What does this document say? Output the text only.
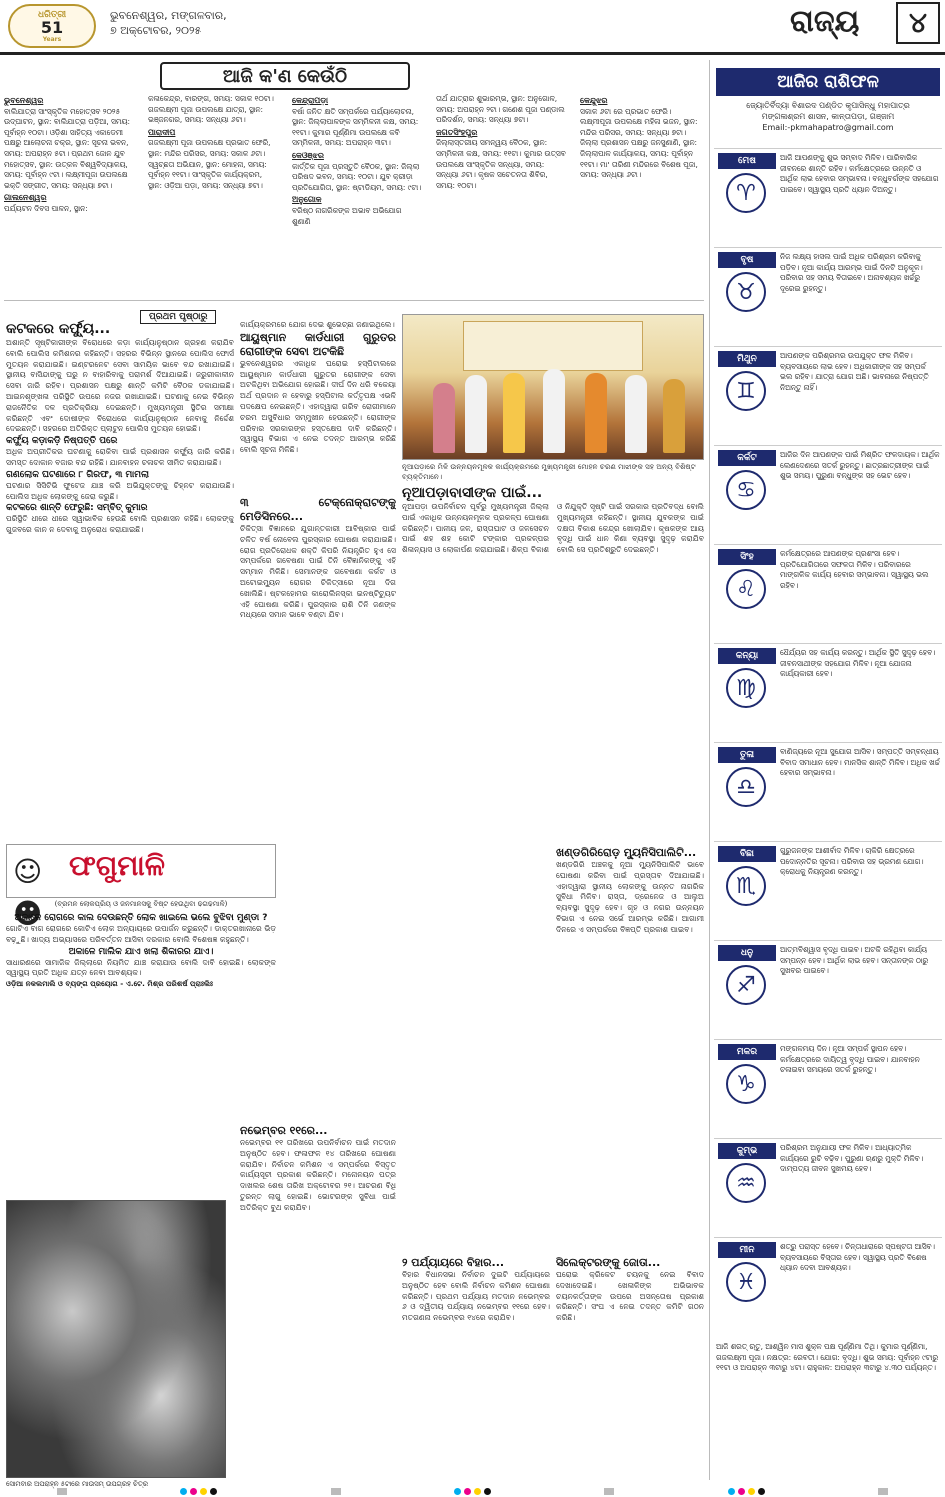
ଧରିତ୍ରୀ
51
Years
ଭୁବନେଶ୍ୱର, ମଙ୍ଗଳବାର,
୭ ଅକ୍ଟୋବର, ୨୦୨୫	ରାଜ୍ୟ	୪
ଆଜି କ'ଣ କେଉଁଠି
ଭୁବନେଶ୍ୱର

ବାଲିଯାତ୍ରା ସାଂସ୍କୃତିକ ମହୋତ୍ସବ ୨୦୨୫ ଉଦ୍‌ଘାଟନ, ସ୍ଥାନ: ବାଲିଯାତ୍ରା ପଡ଼ିଆ, ସମୟ: ପୂର୍ବାହ୍ନ ୧୦ଟା। ଓଡ଼ିଶା ସାହିତ୍ୟ ଏକାଡେମୀ ପକ୍ଷରୁ ଆଲୋଚନା ଚକ୍ର, ସ୍ଥାନ: ସୂଚନା ଭବନ, ସମୟ: ଅପରାହ୍ନ ୫ଟା। ପ୍ରଥମ ଜୋନ ଯୁବ ମହୋତ୍ସବ, ସ୍ଥାନ: ଉତ୍କଳ ବିଶ୍ୱବିଦ୍ୟାଳୟ, ସମୟ: ପୂର୍ବାହ୍ନ ୯ଟା। ଲକ୍ଷ୍ମୀପୂଜା ଉପଲକ୍ଷେ ଭକ୍ତି ସଙ୍ଗୀତ, ସମୟ: ସନ୍ଧ୍ୟା ୭ଟା।

ଗାଲନେଶ୍ୱର

ପର୍ଯ୍ୟଟନ ଦିବସ ପାଳନ, ସ୍ଥାନ:

କଳାକେନ୍ଦ୍ର, ବାରଙ୍ଗ, ସମୟ: ସକାଳ ୧୦ଟା। ଗଜଲକ୍ଷ୍ମୀ ପୂଜା ଉପଲକ୍ଷେ ଯାତ୍ରା, ସ୍ଥାନ: ଭଞ୍ଜନଗର, ସମୟ: ସନ୍ଧ୍ୟା ୬ଟା।

ପାରାଦୀପ

ଗଜଲକ୍ଷ୍ମୀ ପୂଜା ଉପଲକ୍ଷେ ପ୍ରଭାତ ଫେରି, ସ୍ଥାନ: ମନ୍ଦିର ପରିସର, ସମୟ: ସକାଳ ୬ଟା। ସ୍ୱଚ୍ଛତା ଅଭିଯାନ, ସ୍ଥାନ: ମୋହନା, ସମୟ: ପୂର୍ବାହ୍ନ ୧୧ଟା। ସାଂସ୍କୃତିକ କାର୍ଯ୍ୟକ୍ରମ, ସ୍ଥାନ: ଓଡ଼ିଆ ପଡ଼ା, ସମୟ: ସନ୍ଧ୍ୟା ୭ଟା।

କେନ୍ଦ୍ରାପଡ଼ା

ବର୍ଷା ଜନିତ କ୍ଷତି ସମ୍ପର୍କରେ ପର୍ଯ୍ୟାଲୋଚନା, ସ୍ଥାନ: ଜିଲ୍ଲାପାଳଙ୍କ ସମ୍ମିଳନୀ କକ୍ଷ, ସମୟ: ୧୧ଟା। କୁମାର ପୂର୍ଣ୍ଣିମା ଉପଲକ୍ଷେ କବି ସମ୍ମିଳନୀ, ସମୟ: ଅପରାହ୍ନ ୩ଟା।

କେଓଞ୍ଝର

କାର୍ତ୍ତିକ ପୂଜା ପ୍ରସ୍ତୁତି ବୈଠକ, ସ୍ଥାନ: ଜିଲ୍ଲା ପରିଷଦ ଭବନ, ସମୟ: ୧୦ଟା। ଯୁବ କ୍ରୀଡ଼ା ପ୍ରତିଯୋଗିତା, ସ୍ଥାନ: ଷ୍ଟାଡିୟମ, ସମୟ: ୯ଟା।

ଅନୁଗୋଳ

ବରିଷ୍ଠ ନାଗରିକଙ୍କ ଅଭାବ ଅଭିଯୋଗ ଶୁଣାଣି

ତାର୍ଥ ଯାତ୍ରାର ଶୁଭାରମ୍ଭ, ସ୍ଥାନ: ଅନୁଗୋଳ, ସମୟ: ଅପରାହ୍ନ ୨ଟା। ଗଣେଶ ପୂଜା ପଣ୍ଡାଲ ପରିଦର୍ଶନ, ସମୟ: ସନ୍ଧ୍ୟା ୭ଟା।

ଜଗତସିଂହପୁର

ଜିଲ୍ଲାସ୍ତରୀୟ ସମନ୍ୱୟ ବୈଠକ, ସ୍ଥାନ: ସମ୍ମିଳନୀ କକ୍ଷ, ସମୟ: ୧୧ଟା। କୁମାର ଉତ୍ସବ ଉପଲକ୍ଷେ ସାଂସ୍କୃତିକ ସନ୍ଧ୍ୟା, ସମୟ: ସନ୍ଧ୍ୟା ୬ଟା। କୃଷକ ସଚେତନତା ଶିବିର, ସମୟ: ୧୦ଟା।

କେନ୍ଦୁଝର

ସକାଳ ୬ଟା ରେ ପ୍ରଭାତ ଫେରି। ଲକ୍ଷ୍ମୀପୂଜା ଉପଲକ୍ଷେ ମହିଳା ଭଜନ, ସ୍ଥାନ: ମନ୍ଦିର ପରିସର, ସମୟ: ସନ୍ଧ୍ୟା ୭ଟା। ଜିଲ୍ଲା ପ୍ରଶାସନ ପକ୍ଷରୁ ଜନସୁଣାଣି, ସ୍ଥାନ: ଜିଲ୍ଲାପାଳ କାର୍ଯ୍ୟାଳୟ, ସମୟ: ପୂର୍ବାହ୍ନ ୧୧ଟା। ମା' ତାରିଣୀ ମନ୍ଦିରରେ ବିଶେଷ ପୂଜା, ସମୟ: ସନ୍ଧ୍ୟା ୬ଟା।

ଆଜିର ରାଶିଫଳ
ଜ୍ୟୋତିର୍ବିଦ୍ୟା ବିଶାରଦ ପଣ୍ଡିତ କୃପାସିନ୍ଧୁ ମହାପାତ୍ର
ମଙ୍ଗଳାଶ୍ରମ ଶାସନ, କାନ୍ତାପଡ଼ା, ଗଞ୍ଜାମ
Email:-pkmahapatro@gmail.com
ମେଷ
♈
ଆଜି ଆପଣଙ୍କୁ ଶୁଭ ସମ୍ବାଦ ମିଳିବ। ପାରିବାରିକ ଜୀବନରେ ଶାନ୍ତି ରହିବ। କର୍ମକ୍ଷେତ୍ରରେ ଉନ୍ନତି ଓ ଆର୍ଥିକ ଲାଭ ହେବାର ସମ୍ଭାବନା। ବନ୍ଧୁବର୍ଗଙ୍କ ସହଯୋଗ ପାଇବେ। ସ୍ୱାସ୍ଥ୍ୟ ପ୍ରତି ଧ୍ୟାନ ଦିଅନ୍ତୁ।
ବୃଷ
♉
ନିଜ ଲକ୍ଷ୍ୟ ହାସଲ ପାଇଁ ଅଧିକ ପରିଶ୍ରମ କରିବାକୁ ପଡ଼ିବ। ନୂଆ କାର୍ଯ୍ୟ ଆରମ୍ଭ ପାଇଁ ଦିନଟି ଅନୁକୂଳ। ପରିବାର ସହ ସମୟ ବିତାଇବେ। ଅନାବଶ୍ୟକ ଖର୍ଚ୍ଚରୁ ଦୂରେଇ ରୁହନ୍ତୁ।
ମିଥୁନ
♊
ଆପଣଙ୍କ ପରିଶ୍ରମର ଉପଯୁକ୍ତ ଫଳ ମିଳିବ। ବ୍ୟବସାୟରେ ଲାଭ ହେବ। ଅଧିକାରୀଙ୍କ ସହ ସମ୍ପର୍କ ଭଲ ରହିବ। ଯାତ୍ରା ଯୋଗ ଅଛି। ଭାବନାରେ ନିଷ୍ପତ୍ତି ନିଅନ୍ତୁ ନାହିଁ।
କର୍କଟ
♋
ଆଜିର ଦିନ ଆପଣଙ୍କ ପାଇଁ ମିଶ୍ରିତ ଫଳଦାୟକ। ଆର୍ଥିକ ଲେଣଦେଣରେ ସତର୍କ ରୁହନ୍ତୁ। ଛାତ୍ରଛାତ୍ରୀଙ୍କ ପାଇଁ ଶୁଭ ସମୟ। ପୁରୁଣା ବନ୍ଧୁଙ୍କ ସହ ଭେଟ ହେବ।
ସିଂହ
♌
କର୍ମକ୍ଷେତ୍ରରେ ଆପଣଙ୍କ ପ୍ରଶଂସା ହେବ। ପ୍ରତିଯୋଗିତାରେ ସଫଳତା ମିଳିବ। ପରିବାରରେ ମାଙ୍ଗଳିକ କାର୍ଯ୍ୟ ହେବାର ସମ୍ଭାବନା। ସ୍ୱାସ୍ଥ୍ୟ ଭଲ ରହିବ।
କନ୍ୟା
♍
ଧୈର୍ଯ୍ୟର ସହ କାର୍ଯ୍ୟ କରନ୍ତୁ। ଆର୍ଥିକ ସ୍ଥିତି ସୁଦୃଢ଼ ହେବ। ଜୀବନସାଥୀଙ୍କ ସହଯୋଗ ମିଳିବ। ନୂଆ ଯୋଜନା କାର୍ଯ୍ୟକାରୀ ହେବ।
ତୁଳା
♎
ବାଣିଜ୍ୟରେ ନୂଆ ସୁଯୋଗ ଆସିବ। ସମ୍ପତ୍ତି ସମ୍ବନ୍ଧୀୟ ବିବାଦ ସମାଧାନ ହେବ। ମାନସିକ ଶାନ୍ତି ମିଳିବ। ଅଧିକ ଖର୍ଚ୍ଚ ହେବାର ସମ୍ଭାବନା।
ବିଛା
♏
ଗୁରୁଜନଙ୍କ ଆଶୀର୍ବାଦ ମିଳିବ। ଚାକିରି କ୍ଷେତ୍ରରେ ପଦୋନ୍ନତିର ସୂଚନା। ପରିବାର ସହ ଭ୍ରମଣ ଯୋଗ। କ୍ରୋଧକୁ ନିୟନ୍ତ୍ରଣ କରନ୍ତୁ।
ଧନୁ
♐
ଆତ୍ମବିଶ୍ୱାସ ବୃଦ୍ଧି ପାଇବ। ଅଟକି ରହିଥିବା କାର୍ଯ୍ୟ ସମ୍ପନ୍ନ ହେବ। ଆର୍ଥିକ ଲାଭ ହେବ। ସନ୍ତାନଙ୍କ ଠାରୁ ସୁଖବର ପାଇବେ।
ମକର
♑
ମଙ୍ଗଳମୟ ଦିନ। ନୂଆ ସମ୍ପର୍କ ସ୍ଥାପନ ହେବ। କର୍ମକ୍ଷେତ୍ରରେ ଦାୟିତ୍ୱ ବୃଦ୍ଧି ପାଇବ। ଯାନବାହନ ଚଳାଇବା ସମୟରେ ସତର୍କ ରୁହନ୍ତୁ।
କୁମ୍ଭ
♒
ପରିଶ୍ରମ ଅନୁଯାୟୀ ଫଳ ମିଳିବ। ଆଧ୍ୟାତ୍ମିକ କାର୍ଯ୍ୟରେ ରୁଚି ବଢ଼ିବ। ପୁରୁଣା ଋଣରୁ ମୁକ୍ତି ମିଳିବ। ଦାମ୍ପତ୍ୟ ଜୀବନ ସୁଖମୟ ହେବ।
ମୀନ
♓
ଶତ୍ରୁ ପରାସ୍ତ ହେବେ। ଚିନ୍ତାଧାରାରେ ସ୍ପଷ୍ଟତା ଆସିବ। ବ୍ୟବସାୟରେ ବିସ୍ତାର ହେବ। ସ୍ୱାସ୍ଥ୍ୟ ପ୍ରତି ବିଶେଷ ଧ୍ୟାନ ଦେବା ଆବଶ୍ୟକ।
ଆଜି ଶରତ୍‌ ଋତୁ, ଆଶ୍ୱିନ ମାସ ଶୁକ୍ଳ ପକ୍ଷ ପୂର୍ଣ୍ଣିମା ତିଥି। କୁମାର ପୂର୍ଣ୍ଣିମା, ଗଜଲକ୍ଷ୍ମୀ ପୂଜା। ନକ୍ଷତ୍ର: ରେବତୀ। ଯୋଗ: ବୃଦ୍ଧି। ଶୁଭ ସମୟ: ପୂର୍ବାହ୍ନ ୯ଟାରୁ ୧୧ଟା ଓ ଅପରାହ୍ନ ୩ଟାରୁ ୪ଟା। ରାହୁକାଳ: ଅପରାହ୍ନ ୩ଟାରୁ ୪.୩୦ ପର୍ଯ୍ୟନ୍ତ।
ପ୍ରଥମ ପୃଷ୍ଠାରୁ
କଟକରେ କର୍ଫ୍ୟୁ...

ଅଶାନ୍ତି ସୃଷ୍ଟିକାରୀଙ୍କ ବିରୋଧରେ କଡ଼ା କାର୍ଯ୍ୟାନୁଷ୍ଠାନ ଗ୍ରହଣ କରାଯିବ ବୋଲି ପୋଲିସ କମିଶନର କହିଛନ୍ତି। ସହରର ବିଭିନ୍ନ ସ୍ଥାନରେ ପୋଲିସ ଫୋର୍ସ ମୁତୟନ କରାଯାଇଛି। ଇଣ୍ଟରନେଟ ସେବା ସାମୟିକ ଭାବେ ବନ୍ଦ ରଖାଯାଇଛି। ସ୍ଥାନୀୟ ବାସିନ୍ଦାଙ୍କୁ ଘରୁ ନ ବାହାରିବାକୁ ପରାମର୍ଶ ଦିଆଯାଇଛି। ଜରୁରୀକାଳୀନ ସେବା ଜାରି ରହିବ। ପ୍ରଶାସନ ପକ୍ଷରୁ ଶାନ୍ତି କମିଟି ବୈଠକ ଡକାଯାଇଛି। ଆଇନଶୃଙ୍ଖଳା ପରିସ୍ଥିତି ଉପରେ ନଜର ରଖାଯାଇଛି। ଘଟଣାକୁ ନେଇ ବିଭିନ୍ନ ରାଜନୈତିକ ଦଳ ପ୍ରତିକ୍ରିୟା ଦେଇଛନ୍ତି। ମୁଖ୍ୟମନ୍ତ୍ରୀ ସ୍ଥିତିର ସମୀକ୍ଷା କରିଛନ୍ତି ଏବଂ ଦୋଷୀଙ୍କ ବିରୋଧରେ କାର୍ଯ୍ୟାନୁଷ୍ଠାନ ନେବାକୁ ନିର୍ଦ୍ଦେଶ ଦେଇଛନ୍ତି। ସହରରେ ଅତିରିକ୍ତ ପ୍ଲାଟୁନ ପୋଲିସ ମୁତୟନ ହୋଇଛି।

କର୍ଫ୍ୟୁ କଡ଼ାକଡ଼ି ନିଷ୍ପତ୍ତି ପରେ

ଅଧିକ ଅପ୍ରୀତିକର ଘଟଣାକୁ ରୋକିବା ପାଇଁ ପ୍ରଶାସନ କର୍ଫ୍ୟୁ ଜାରି କରିଛି। ସମସ୍ତ ଦୋକାନ ବଜାର ବନ୍ଦ ରହିଛି। ଯାନବାହନ ଚଳାଚଳ ସୀମିତ କରାଯାଇଛି।

ଗଣଲୋକ ଘଟଣାରେ ୮ ଗିରଫ, ୩ ମାମଲା

ଘଟଣାର ସିସିଟିଭି ଫୁଟେଜ ଯାଞ୍ଚ କରି ଅଭିଯୁକ୍ତଙ୍କୁ ଚିହ୍ନଟ କରାଯାଉଛି। ପୋଲିସ ଅଧିକ ଲୋକଙ୍କୁ ଜେରା କରୁଛି।

କଟକରେ ଶାନ୍ତି ଫେରୁଛି: ସମ୍ବିତ୍ କୁମାର

ପରିସ୍ଥିତି ଧୀରେ ଧୀରେ ସ୍ୱାଭାବିକ ହେଉଛି ବୋଲି ପ୍ରଶାସନ କହିଛି। ଲୋକଙ୍କୁ ଗୁଜବରେ କାନ ନ ଦେବାକୁ ଅନୁରୋଧ କରାଯାଇଛି।

☺☻
ଫଗୁମାଳି
(ବ୍ରମନ ଲୋକପ୍ରିୟ ଓ ଜନମାନସକୁ ବିଷ୍ଟ ହେଉଥିବା ଢଗଢମାଳି)
ଅକାଳେ ରୋଗରେ କାଲ ଦେଉଛନ୍ତି ଲୋକ ଖାଇଲେ ଭଲେ ବୁଝିବା ମୁଣ୍ଡା ?

ଗୋଟିଏ ବାଗ ରୋଗରେ କୋଟିଏ ଲୋକ ଅନ୍ୟାୟରେ ଉପାର୍ଜନ କରୁଛନ୍ତି। ଡାକ୍ତରଖାନାରେ ଭିଡ଼ ବଢ଼ୁଛି। ଖାଦ୍ୟ ଅଭ୍ୟାସରେ ପରିବର୍ତ୍ତନ ଆସିବା ଦରକାର ବୋଲି ବିଶେଷଜ୍ଞ କହୁଛନ୍ତି।

ଅକାଳେ ମାଲିକ ଯାଏ ଖଲା ଶିକାରର ଯାଏ।

ସାଧାରଣରେ ସାମାଜିକ ଜିଲ୍ଲାରେ ନିୟମିତ ଯାଞ୍ଚ କରାଯାଉ ବୋଲି ଦାବି ହୋଇଛି। ଲୋକଙ୍କ ସ୍ୱାସ୍ଥ୍ୟ ପ୍ରତି ଅଧିକ ଯତ୍ନ ନେବା ଆବଶ୍ୟକ।

ଓଡ଼ିଆ ନକଲମାଲି ଓ ବ୍ୟଙ୍ଗ ପ୍ରୟୋଗ - ଏ.ଟେ. ମିଶ୍ର ପରିଶର୍ଷ ପ୍ରାଃଲିଃ
ସୋମବାର ଅପରାହ୍ନ ୫ଟାରେ ମାଉସମ୍ ଉପଗ୍ରହ ଚିତ୍ର

କାର୍ଯ୍ୟକ୍ରମରେ ଯୋଗ ଦେଇ ଶୁଭେଚ୍ଛା ଜଣାଇଥିଲେ।

ଆୟୁଷ୍ମାନ କାର୍ଡଧାରୀ ଗୁରୁତର ରୋଗୀଙ୍କ ସେବା ଅଟକିଛି

ଭୁବନେଶ୍ୱରର ଏକାଧିକ ଘରୋଇ ହସ୍ପିଟାଲରେ ଆୟୁଷ୍ମାନ କାର୍ଡଧାରୀ ଗୁରୁତର ରୋଗୀଙ୍କ ସେବା ଅଟକିଥିବା ଅଭିଯୋଗ ହୋଇଛି। ଦୀର୍ଘ ଦିନ ଧରି ବକେୟା ଅର୍ଥ ପ୍ରଦାନ ନ ହେବାରୁ ହସ୍ପିଟାଲ କର୍ତ୍ତୃପକ୍ଷ ଏଭଳି ପଦକ୍ଷେପ ନେଇଛନ୍ତି। ଏହାଦ୍ୱାରା ଗରିବ ରୋଗୀମାନେ ଚରମ ଅସୁବିଧାର ସମ୍ମୁଖୀନ ହେଉଛନ୍ତି। ରୋଗୀଙ୍କ ପରିବାର ସରକାରଙ୍କ ହସ୍ତକ୍ଷେପ ଦାବି କରିଛନ୍ତି। ସ୍ୱାସ୍ଥ୍ୟ ବିଭାଗ ଏ ନେଇ ତଦନ୍ତ ଆରମ୍ଭ କରିଛି ବୋଲି ସୂଚନା ମିଳିଛି।

୩ ଟେକ୍ନୋକ୍ରାଟଙ୍କୁ ମେଡିସିନରେ...

ଚିକିତ୍ସା ବିଜ୍ଞାନରେ ଯୁଗାନ୍ତକାରୀ ଆବିଷ୍କାର ପାଇଁ ଚଳିତ ବର୍ଷ ନୋବେଲ ପୁରସ୍କାର ଘୋଷଣା କରାଯାଇଛି। ରୋଗ ପ୍ରତିରୋଧକ ଶକ୍ତି କିପରି ନିୟନ୍ତ୍ରିତ ହୁଏ ସେ ସମ୍ପର୍କରେ ଗବେଷଣା ପାଇଁ ତିନି ବୈଜ୍ଞାନିକଙ୍କୁ ଏହି ସମ୍ମାନ ମିଳିଛି। ସେମାନଙ୍କ ଗବେଷଣା କର୍କଟ ଓ ଅଟୋଇମ୍ୟୁନ ରୋଗର ଚିକିତ୍ସାରେ ନୂଆ ଦିଗ ଖୋଲିଛି। ଷ୍ଟକହୋମର କାରୋଲିନସ୍କା ଇନଷ୍ଟିଚ୍ୟୁଟ ଏହି ଘୋଷଣା କରିଛି। ପୁରସ୍କାର ରାଶି ତିନି ଜଣଙ୍କ ମଧ୍ୟରେ ସମାନ ଭାବେ ବଣ୍ଟା ଯିବ।

ନଭେମ୍ବର ୧୧ରେ...

ନଭେମ୍ବର ୧୧ ତାରିଖରେ ଉପନିର୍ବାଚନ ପାଇଁ ମତଦାନ ଅନୁଷ୍ଠିତ ହେବ। ଫଳାଫଳ ୧୪ ତାରିଖରେ ଘୋଷଣା କରାଯିବ। ନିର୍ବାଚନ କମିଶନ ଏ ସମ୍ପର୍କରେ ବିସ୍ତୃତ କାର୍ଯ୍ୟସୂଚୀ ପ୍ରକାଶ କରିଛନ୍ତି। ମନୋନୟନ ପତ୍ର ଦାଖଲର ଶେଷ ତାରିଖ ଅକ୍ଟୋବର ୨୧। ଆଚରଣ ବିଧି ତୁରନ୍ତ ଲାଗୁ ହୋଇଛି। ଭୋଟରଙ୍କ ସୁବିଧା ପାଇଁ ଅତିରିକ୍ତ ବୁଥ କରାଯିବ।

ନୂଆପଡ଼ାରେ ମିଳି ଉନ୍ନୟନମୂଳକ କାର୍ଯ୍ୟକ୍ରମରେ ମୁଖ୍ୟମନ୍ତ୍ରୀ ମୋହନ ଚରଣ ମାଝୀଙ୍କ ସହ ଅନ୍ୟ ବିଶିଷ୍ଟ ବ୍ୟକ୍ତିମାନେ।
ନୂଆପଡ଼ାବାସୀଙ୍କ ପାଇଁ...

ନୂଆପଡ଼ା ଉପନିର୍ବାଚନ ପୂର୍ବରୁ ମୁଖ୍ୟମନ୍ତ୍ରୀ ଜିଲ୍ଲା ପାଇଁ ଏକାଧିକ ଉନ୍ନୟନମୂଳକ ପ୍ରକଳ୍ପ ଘୋଷଣା କରିଛନ୍ତି। ପାନୀୟ ଜଳ, ରାସ୍ତାଘାଟ ଓ ଜଳସେଚନ ପାଇଁ ଶହ ଶହ କୋଟି ଟଙ୍କାର ପ୍ରକଳ୍ପର ଶିଳାନ୍ୟାସ ଓ ଲୋକାର୍ପଣ କରାଯାଇଛି। ଶିଳ୍ପ ବିକାଶ ଓ ନିଯୁକ୍ତି ସୃଷ୍ଟି ପାଇଁ ସରକାର ପ୍ରତିବଦ୍ଧ ବୋଲି ମୁଖ୍ୟମନ୍ତ୍ରୀ କହିଛନ୍ତି। ସ୍ଥାନୀୟ ଯୁବକଙ୍କ ପାଇଁ ଦକ୍ଷତା ବିକାଶ କେନ୍ଦ୍ର ଖୋଲାଯିବ। କୃଷକଙ୍କ ଆୟ ବୃଦ୍ଧି ପାଇଁ ଧାନ କିଣା ବ୍ୟବସ୍ଥା ସୁଦୃଢ଼ କରାଯିବ ବୋଲି ସେ ପ୍ରତିଶ୍ରୁତି ଦେଇଛନ୍ତି।

ଖଣ୍ଡଗିରିରୋଡ଼ ମ୍ୟୁନିସିପାଲିଟି...

ଖଣ୍ଡଗିରି ଅଞ୍ଚଳକୁ ନୂଆ ମ୍ୟୁନିସିପାଲିଟି ଭାବେ ଘୋଷଣା କରିବା ପାଇଁ ପ୍ରସ୍ତାବ ଦିଆଯାଇଛି। ଏହାଦ୍ୱାରା ସ୍ଥାନୀୟ ଲୋକଙ୍କୁ ଉନ୍ନତ ନାଗରିକ ସୁବିଧା ମିଳିବ। ରାସ୍ତା, ଡ୍ରେନେଜ ଓ ଆଲୁଅ ବ୍ୟବସ୍ଥା ସୁଦୃଢ଼ ହେବ। ଗୃହ ଓ ନଗର ଉନ୍ନୟନ ବିଭାଗ ଏ ନେଇ ସର୍ଭେ ଆରମ୍ଭ କରିଛି। ଆଗାମୀ ଦିନରେ ଏ ସମ୍ପର୍କରେ ବିଜ୍ଞପ୍ତି ପ୍ରକାଶ ପାଇବ।

ସିଲେକ୍‌ଟରଙ୍କୁ ଜୋତା...

ଘରୋଇ କ୍ରିକେଟ ଚୟନକୁ ନେଇ ବିବାଦ ଦେଖାଦେଇଛି। ଖେଳାଳିଙ୍କ ଅଭିଭାବକ ଚୟନକର୍ତ୍ତାଙ୍କ ଉପରେ ଅସନ୍ତୋଷ ପ୍ରକାଶ କରିଛନ୍ତି। ସଂଘ ଏ ନେଇ ତଦନ୍ତ କମିଟି ଗଠନ କରିଛି।

୨ ପର୍ଯ୍ୟାୟରେ ବିହାର...

ବିହାର ବିଧାନସଭା ନିର୍ବାଚନ ଦୁଇଟି ପର୍ଯ୍ୟାୟରେ ଅନୁଷ୍ଠିତ ହେବ ବୋଲି ନିର୍ବାଚନ କମିଶନ ଘୋଷଣା କରିଛନ୍ତି। ପ୍ରଥମ ପର୍ଯ୍ୟାୟ ମତଦାନ ନଭେମ୍ବର ୬ ଓ ଦ୍ୱିତୀୟ ପର୍ଯ୍ୟାୟ ନଭେମ୍ବର ୧୧ରେ ହେବ। ମତଗଣନା ନଭେମ୍ବର ୧୪ରେ କରାଯିବ।
